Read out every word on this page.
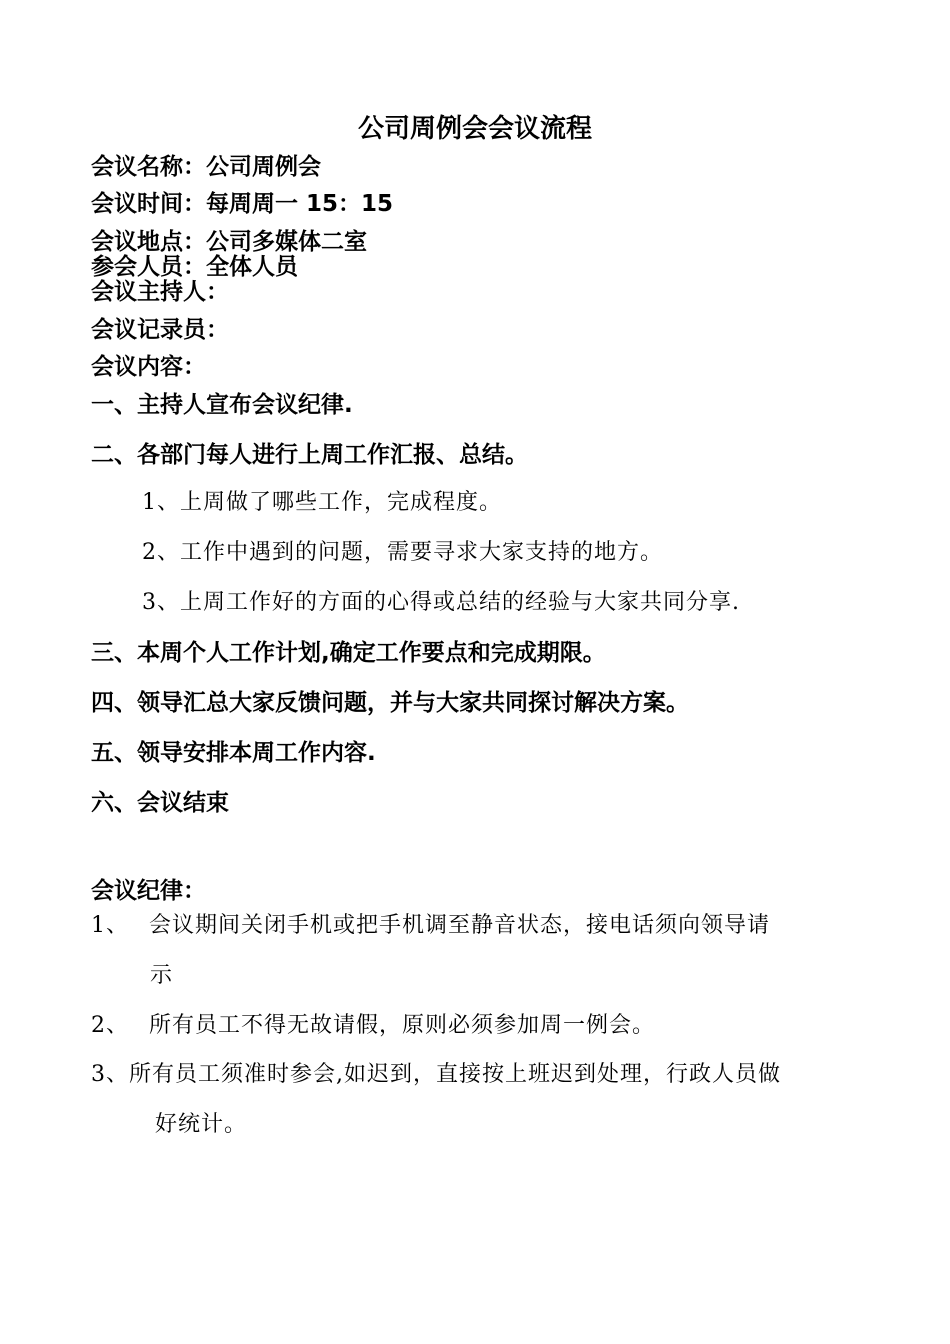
公司周例会会议流程
会议名称：公司周例会
会议时间：每周周一 15：15
会议地点：公司多媒体二室
参会人员：全体人员
会议主持人：
会议记录员：
会议内容：
一、主持人宣布会议纪律.
二、各部门每人进行上周工作汇报、总结。
1、上周做了哪些工作，完成程度。
2、工作中遇到的问题，需要寻求大家支持的地方。
3、上周工作好的方面的心得或总结的经验与大家共同分享.
三、本周个人工作计划,确定工作要点和完成期限。
四、领导汇总大家反馈问题，并与大家共同探讨解决方案。
五、领导安排本周工作内容.
六、会议结束
会议纪律：
1、 会议期间关闭手机或把手机调至静音状态，接电话须向领导请
示
2、 所有员工不得无故请假，原则必须参加周一例会。
3、所有员工须准时参会,如迟到，直接按上班迟到处理，行政人员做
好统计。
